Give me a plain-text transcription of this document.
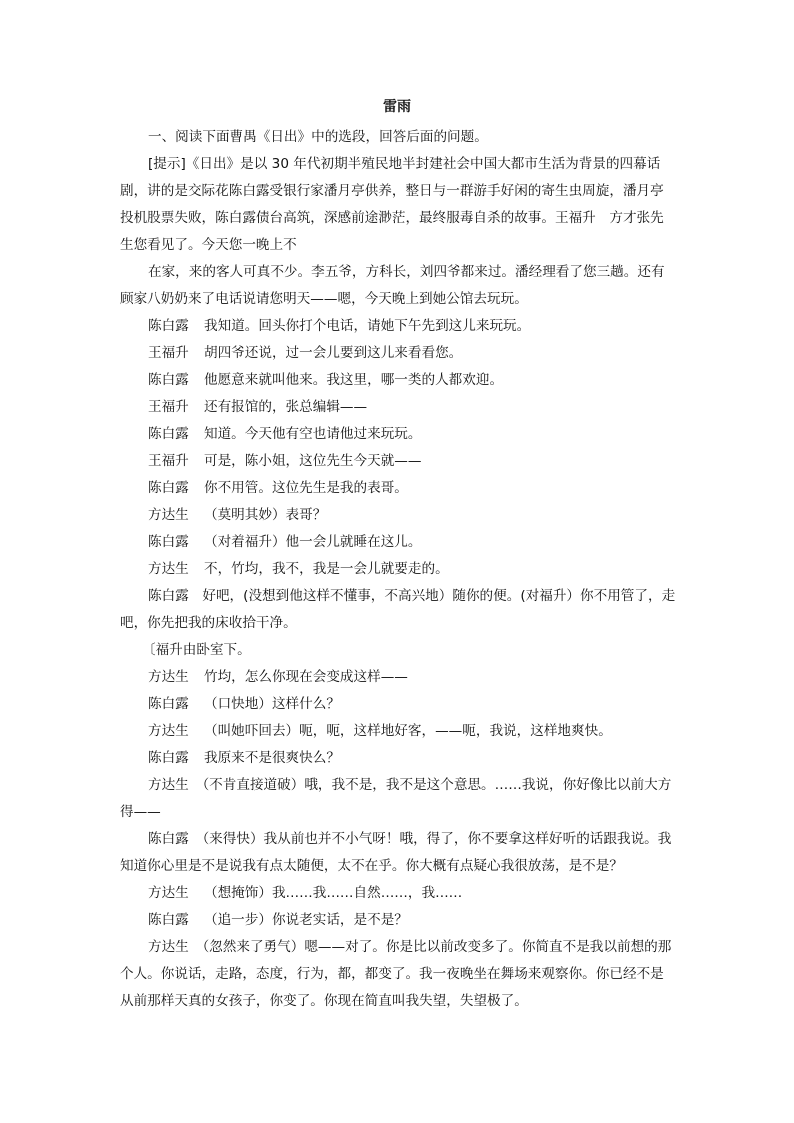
雷雨

一、阅读下面曹禺《日出》中的选段，回答后面的问题。

[提示]《日出》是以 30 年代初期半殖民地半封建社会中国大都市生活为背景的四幕话剧，讲的是交际花陈白露受银行家潘月亭供养，整日与一群游手好闲的寄生虫周旋，潘月亭投机股票失败，陈白露债台高筑，深感前途渺茫，最终服毒自杀的故事。王福升　方才张先生您看见了。今天您一晚上不

在家，来的客人可真不少。李五爷，方科长，刘四爷都来过。潘经理看了您三趟。还有顾家八奶奶来了电话说请您明天——嗯，今天晚上到她公馆去玩玩。

陈白露 我知道。回头你打个电话，请她下午先到这儿来玩玩。
王福升 胡四爷还说，过一会儿要到这儿来看看您。
陈白露 他愿意来就叫他来。我这里，哪一类的人都欢迎。
王福升 还有报馆的，张总编辑——
陈白露 知道。今天他有空也请他过来玩玩。
王福升 可是，陈小姐，这位先生今天就——
陈白露 你不用管。这位先生是我的表哥。
方达生 （莫明其妙）表哥？
陈白露 （对着福升）他一会儿就睡在这儿。
方达生 不，竹均，我不，我是一会儿就要走的。

陈白露　好吧，(没想到他这样不懂事，不高兴地）随你的便。(对福升）你不用管了，走吧，你先把我的床收拾干净。

〔福升由卧室下。
方达生 竹均，怎么你现在会变成这样——
陈白露 （口快地）这样什么？
方达生 （叫她吓回去）呃，呃，这样地好客，——呃，我说，这样地爽快。
陈白露 我原来不是很爽快么？

方达生　（不肯直接道破）哦，我不是，我不是这个意思。……我说，你好像比以前大方得——

陈白露　（来得快）我从前也并不小气呀！哦，得了，你不要拿这样好听的话跟我说。我知道你心里是不是说我有点太随便，太不在乎。你大概有点疑心我很放荡，是不是？

方达生 （想掩饰）我……我……自然……，我……
陈白露 （追一步）你说老实话，是不是？

方达生　（忽然来了勇气）嗯——对了。你是比以前改变多了。你简直不是我以前想的那个人。你说话，走路，态度，行为，都，都变了。我一夜晚坐在舞场来观察你。你已经不是从前那样天真的女孩子，你变了。你现在简直叫我失望，失望极了。
